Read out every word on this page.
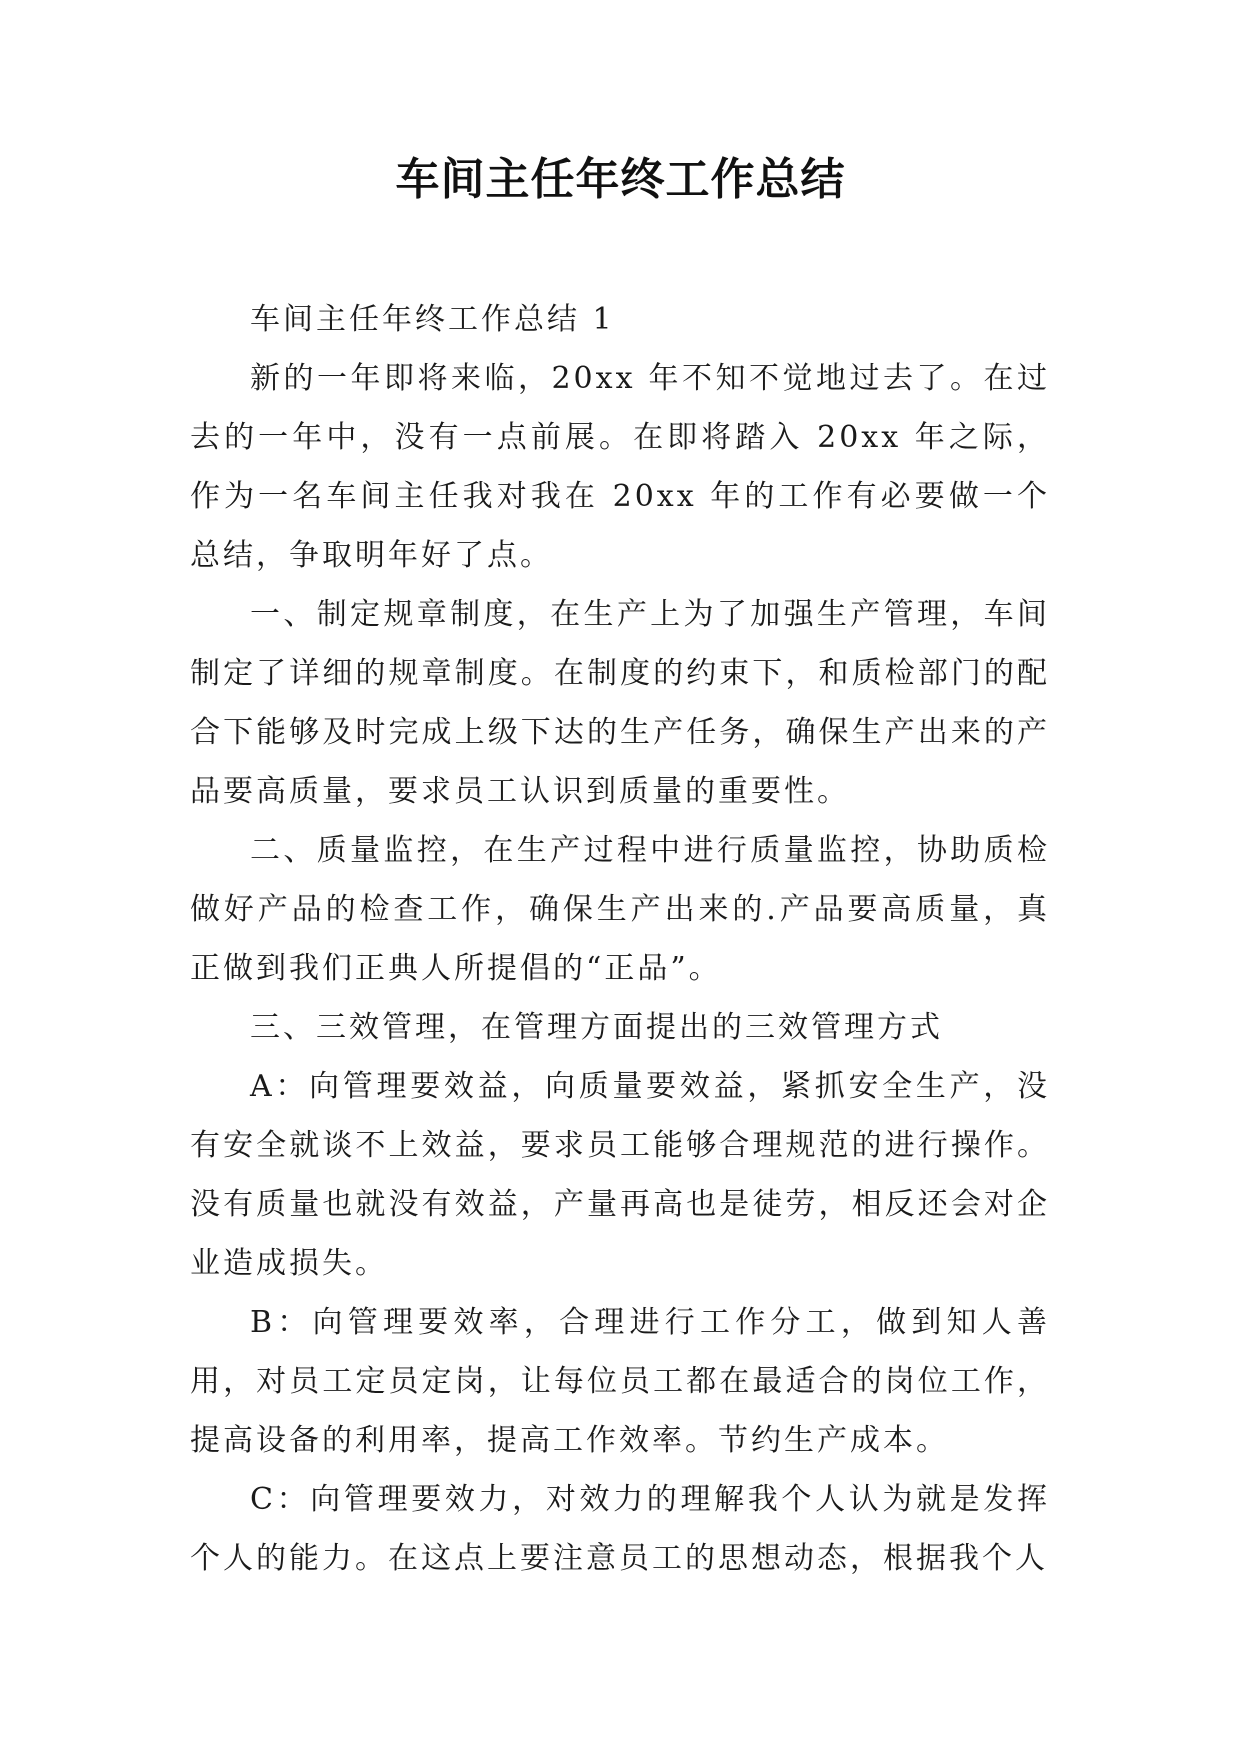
车间主任年终工作总结

车间主任年终工作总结 1

新的一年即将来临，20xx 年不知不觉地过去了。在过去的一年中，没有一点前展。在即将踏入 20xx 年之际，作为一名车间主任我对我在 20xx 年的工作有必要做一个总结，争取明年好了点。

一、制定规章制度，在生产上为了加强生产管理，车间制定了详细的规章制度。在制度的约束下，和质检部门的配合下能够及时完成上级下达的生产任务，确保生产出来的产品要高质量，要求员工认识到质量的重要性。

二、质量监控，在生产过程中进行质量监控，协助质检做好产品的检查工作，确保生产出来的.产品要高质量，真正做到我们正典人所提倡的“正品”。

三、三效管理，在管理方面提出的三效管理方式

A：向管理要效益，向质量要效益，紧抓安全生产，没有安全就谈不上效益，要求员工能够合理规范的进行操作。没有质量也就没有效益，产量再高也是徒劳，相反还会对企业造成损失。

B：向管理要效率，合理进行工作分工，做到知人善用，对员工定员定岗，让每位员工都在最适合的岗位工作，提高设备的利用率，提高工作效率。节约生产成本。

C：向管理要效力，对效力的理解我个人认为就是发挥个人的能力。在这点上要注意员工的思想动态，根据我个人
